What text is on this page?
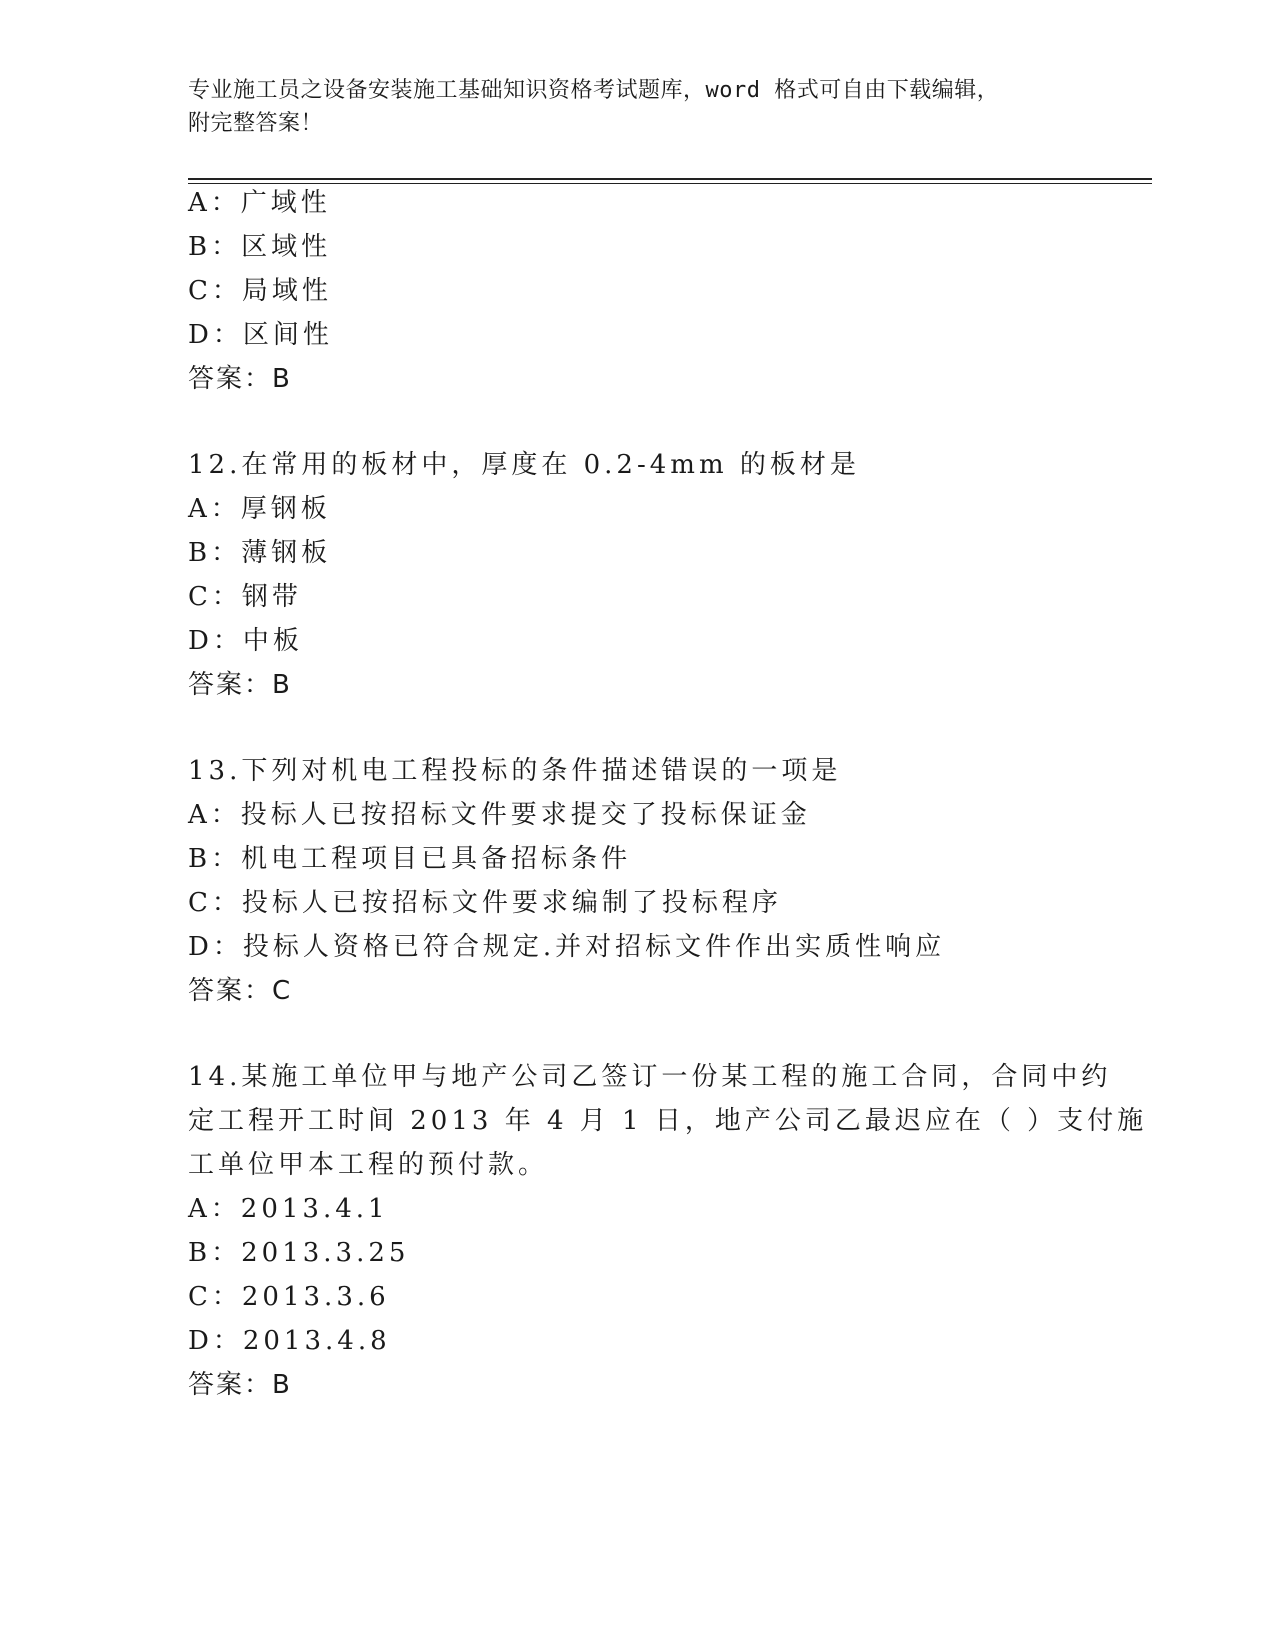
专业施工员之设备安装施工基础知识资格考试题库，word 格式可自由下载编辑，
附完整答案！
A：广域性
B：区域性
C：局域性
D：区间性
答案：B
12.在常用的板材中，厚度在 0.2-4mm 的板材是
A：厚钢板
B：薄钢板
C：钢带
D：中板
答案：B
13.下列对机电工程投标的条件描述错误的一项是
A：投标人已按招标文件要求提交了投标保证金
B：机电工程项目已具备招标条件
C：投标人已按招标文件要求编制了投标程序
D：投标人资格已符合规定.并对招标文件作出实质性响应
答案：C
14.某施工单位甲与地产公司乙签订一份某工程的施工合同，合同中约
定工程开工时间 2013 年 4 月 1 日，地产公司乙最迟应在（ ）支付施
工单位甲本工程的预付款。
A：2013.4.1
B：2013.3.25
C：2013.3.6
D：2013.4.8
答案：B
